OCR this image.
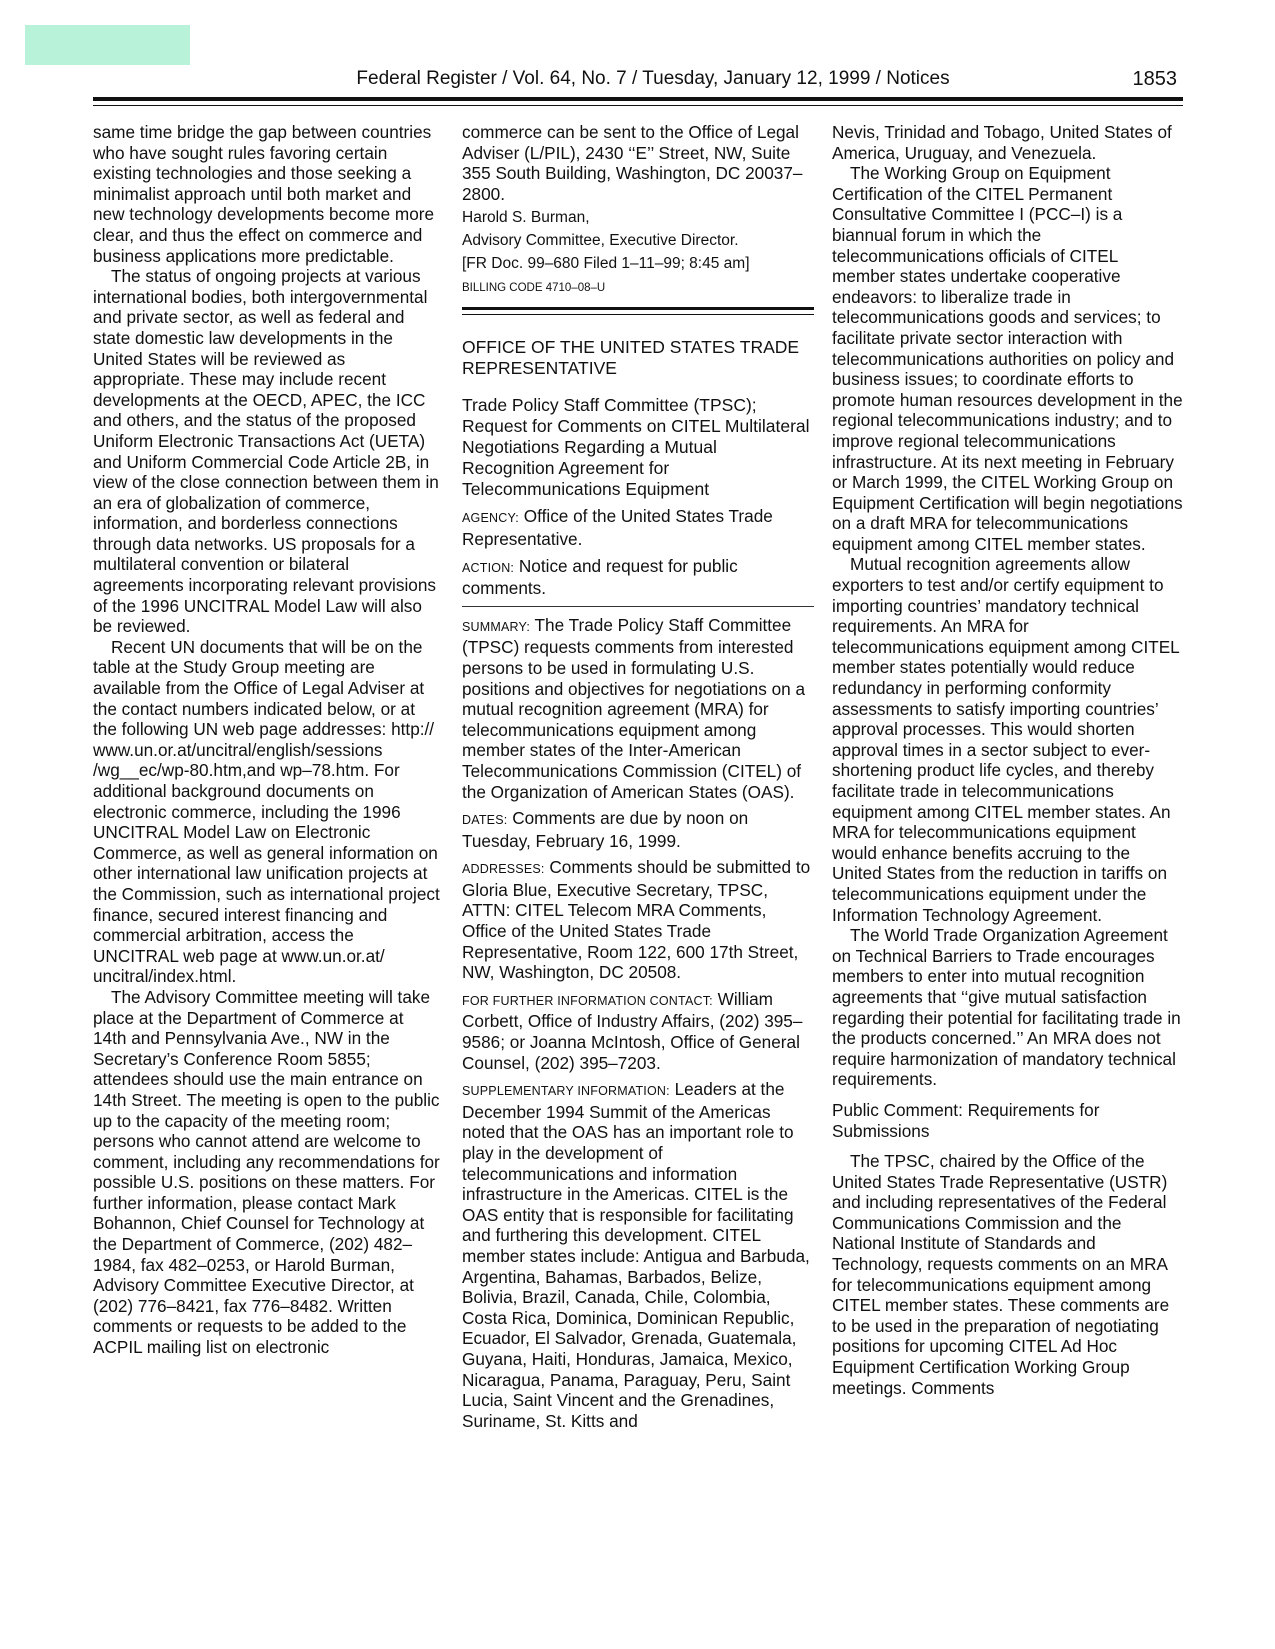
Federal Register / Vol. 64, No. 7 / Tuesday, January 12, 1999 / Notices	1853

same time bridge the gap between countries who have sought rules favoring certain existing technologies and those seeking a minimalist approach until both market and new technology developments become more clear, and thus the effect on commerce and business applications more predictable.

The status of ongoing projects at various international bodies, both intergovernmental and private sector, as well as federal and state domestic law developments in the United States will be reviewed as appropriate. These may include recent developments at the OECD, APEC, the ICC and others, and the status of the proposed Uniform Electronic Transactions Act (UETA) and Uniform Commercial Code Article 2B, in view of the close connection between them in an era of globalization of commerce, information, and borderless connections through data networks. US proposals for a multilateral convention or bilateral agreements incorporating relevant provisions of the 1996 UNCITRAL Model Law will also be reviewed.

Recent UN documents that will be on the table at the Study Group meeting are available from the Office of Legal Adviser at the contact numbers indicated below, or at the following UN web page addresses: http:// www.un.or.at/uncitral/english/sessions /wg__ec/wp-80.htm,and wp–78.htm. For additional background documents on electronic commerce, including the 1996 UNCITRAL Model Law on Electronic Commerce, as well as general information on other international law unification projects at the Commission, such as international project finance, secured interest financing and commercial arbitration, access the UNCITRAL web page at www.un.or.at/ uncitral/index.html.

The Advisory Committee meeting will take place at the Department of Commerce at 14th and Pennsylvania Ave., NW in the Secretary’s Conference Room 5855; attendees should use the main entrance on 14th Street. The meeting is open to the public up to the capacity of the meeting room; persons who cannot attend are welcome to comment, including any recommendations for possible U.S. positions on these matters. For further information, please contact Mark Bohannon, Chief Counsel for Technology at the Department of Commerce, (202) 482–1984, fax 482–0253, or Harold Burman, Advisory Committee Executive Director, at (202) 776–8421, fax 776–8482. Written comments or requests to be added to the ACPIL mailing list on electronic

commerce can be sent to the Office of Legal Adviser (L/PIL), 2430 ‘‘E’’ Street, NW, Suite 355 South Building, Washington, DC 20037–2800.

Harold S. Burman,

Advisory Committee, Executive Director.

[FR Doc. 99–680 Filed 1–11–99; 8:45 am]

BILLING CODE 4710–08–U

OFFICE OF THE UNITED STATES TRADE REPRESENTATIVE

Trade Policy Staff Committee (TPSC); Request for Comments on CITEL Multilateral Negotiations Regarding a Mutual Recognition Agreement for Telecommunications Equipment

AGENCY: Office of the United States Trade Representative.

ACTION: Notice and request for public comments.

SUMMARY: The Trade Policy Staff Committee (TPSC) requests comments from interested persons to be used in formulating U.S. positions and objectives for negotiations on a mutual recognition agreement (MRA) for telecommunications equipment among member states of the Inter-American Telecommunications Commission (CITEL) of the Organization of American States (OAS).

DATES: Comments are due by noon on Tuesday, February 16, 1999.

ADDRESSES: Comments should be submitted to Gloria Blue, Executive Secretary, TPSC, ATTN: CITEL Telecom MRA Comments, Office of the United States Trade Representative, Room 122, 600 17th Street, NW, Washington, DC 20508.

FOR FURTHER INFORMATION CONTACT: William Corbett, Office of Industry Affairs, (202) 395–9586; or Joanna McIntosh, Office of General Counsel, (202) 395–7203.

SUPPLEMENTARY INFORMATION: Leaders at the December 1994 Summit of the Americas noted that the OAS has an important role to play in the development of telecommunications and information infrastructure in the Americas. CITEL is the OAS entity that is responsible for facilitating and furthering this development. CITEL member states include: Antigua and Barbuda, Argentina, Bahamas, Barbados, Belize, Bolivia, Brazil, Canada, Chile, Colombia, Costa Rica, Dominica, Dominican Republic, Ecuador, El Salvador, Grenada, Guatemala, Guyana, Haiti, Honduras, Jamaica, Mexico, Nicaragua, Panama, Paraguay, Peru, Saint Lucia, Saint Vincent and the Grenadines, Suriname, St. Kitts and

Nevis, Trinidad and Tobago, United States of America, Uruguay, and Venezuela.

The Working Group on Equipment Certification of the CITEL Permanent Consultative Committee I (PCC–I) is a biannual forum in which the telecommunications officials of CITEL member states undertake cooperative endeavors: to liberalize trade in telecommunications goods and services; to facilitate private sector interaction with telecommunications authorities on policy and business issues; to coordinate efforts to promote human resources development in the regional telecommunications industry; and to improve regional telecommunications infrastructure. At its next meeting in February or March 1999, the CITEL Working Group on Equipment Certification will begin negotiations on a draft MRA for telecommunications equipment among CITEL member states.

Mutual recognition agreements allow exporters to test and/or certify equipment to importing countries’ mandatory technical requirements. An MRA for telecommunications equipment among CITEL member states potentially would reduce redundancy in performing conformity assessments to satisfy importing countries’ approval processes. This would shorten approval times in a sector subject to ever-shortening product life cycles, and thereby facilitate trade in telecommunications equipment among CITEL member states. An MRA for telecommunications equipment would enhance benefits accruing to the United States from the reduction in tariffs on telecommunications equipment under the Information Technology Agreement.

The World Trade Organization Agreement on Technical Barriers to Trade encourages members to enter into mutual recognition agreements that ‘‘give mutual satisfaction regarding their potential for facilitating trade in the products concerned.’’ An MRA does not require harmonization of mandatory technical requirements.

Public Comment: Requirements for Submissions

The TPSC, chaired by the Office of the United States Trade Representative (USTR) and including representatives of the Federal Communications Commission and the National Institute of Standards and Technology, requests comments on an MRA for telecommunications equipment among CITEL member states. These comments are to be used in the preparation of negotiating positions for upcoming CITEL Ad Hoc Equipment Certification Working Group meetings. Comments
